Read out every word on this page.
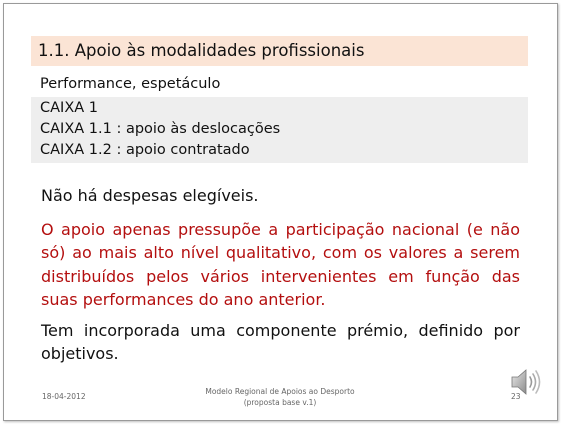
1.1. Apoio às modalidades profissionais
Performance, espetáculo
CAIXA 1
CAIXA 1.1 : apoio às deslocações
CAIXA 1.2 : apoio contratado
Não há despesas elegíveis.
O apoio apenas pressupõe a participação nacional (e não só) ao mais alto nível qualitativo, com os valores a serem distribuídos pelos vários intervenientes em função das suas performances do ano anterior.
Tem incorporada uma componente prémio, definido por objetivos.
18-04-2012
Modelo Regional de Apoios ao Desporto
(proposta base v.1)
23
